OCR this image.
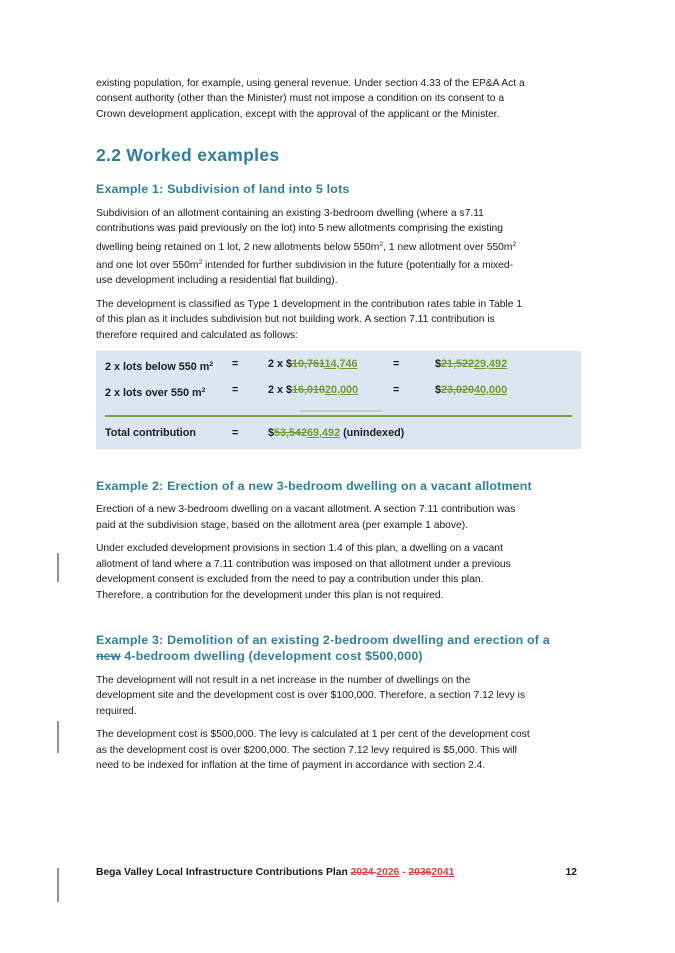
existing population, for example, using general revenue. Under section 4.33 of the EP&A Act a
consent authority (other than the Minister) must not impose a condition on its consent to a
Crown development application, except with the approval of the applicant or the Minister.

2.2 Worked examples
Example 1: Subdivision of land into 5 lots

Subdivision of an allotment containing an existing 3-bedroom dwelling (where a s7.11
contributions was paid previously on the lot) into 5 new allotments comprising the existing
dwelling being retained on 1 lot, 2 new allotments below $550m^2$, 1 new allotment over $550m^2$
and one lot over $550m^2$ intended for further subdivision in the future (potentially for a mixed-
use development including a residential flat building).

The development is classified as Type 1 development in the contribution rates table in Table 1
of this plan as it includes subdivision but not building work. A section 7.11 contribution is
therefore required and calculated as follows:

2 x lots below 550 $m^2$	=	2 x $10,76114,746	=	$21,52229,492
2 x lots over 550 $m^2$	=	2 x $16,01020,000	=	$23,02040,000
Total contribution	=	$53,54269,492 (unindexed)
Example 2: Erection of a new 3-bedroom dwelling on a vacant allotment

Erection of a new 3-bedroom dwelling on a vacant allotment. A section 7.11 contribution was
paid at the subdivision stage, based on the allotment area (per example 1 above).

Under excluded development provisions in section 1.4 of this plan, a dwelling on a vacant
allotment of land where a 7.11 contribution was imposed on that allotment under a previous
development consent is excluded from the need to pay a contribution under this plan.
Therefore, a contribution for the development under this plan is not required.

Example 3: Demolition of an existing 2-bedroom dwelling and erection of a
new 4-bedroom dwelling (development cost $500,000)

The development will not result in a net increase in the number of dwellings on the
development site and the development cost is over $100,000. Therefore, a section 7.12 levy is
required.

The development cost is $500,000. The levy is calculated at 1 per cent of the development cost
as the development cost is over $200,000. The section 7.12 levy required is $5,000. This will
need to be indexed for inflation at the time of payment in accordance with section 2.4.

Bega Valley Local Infrastructure Contributions Plan 2024 2026 - 20362041	12
